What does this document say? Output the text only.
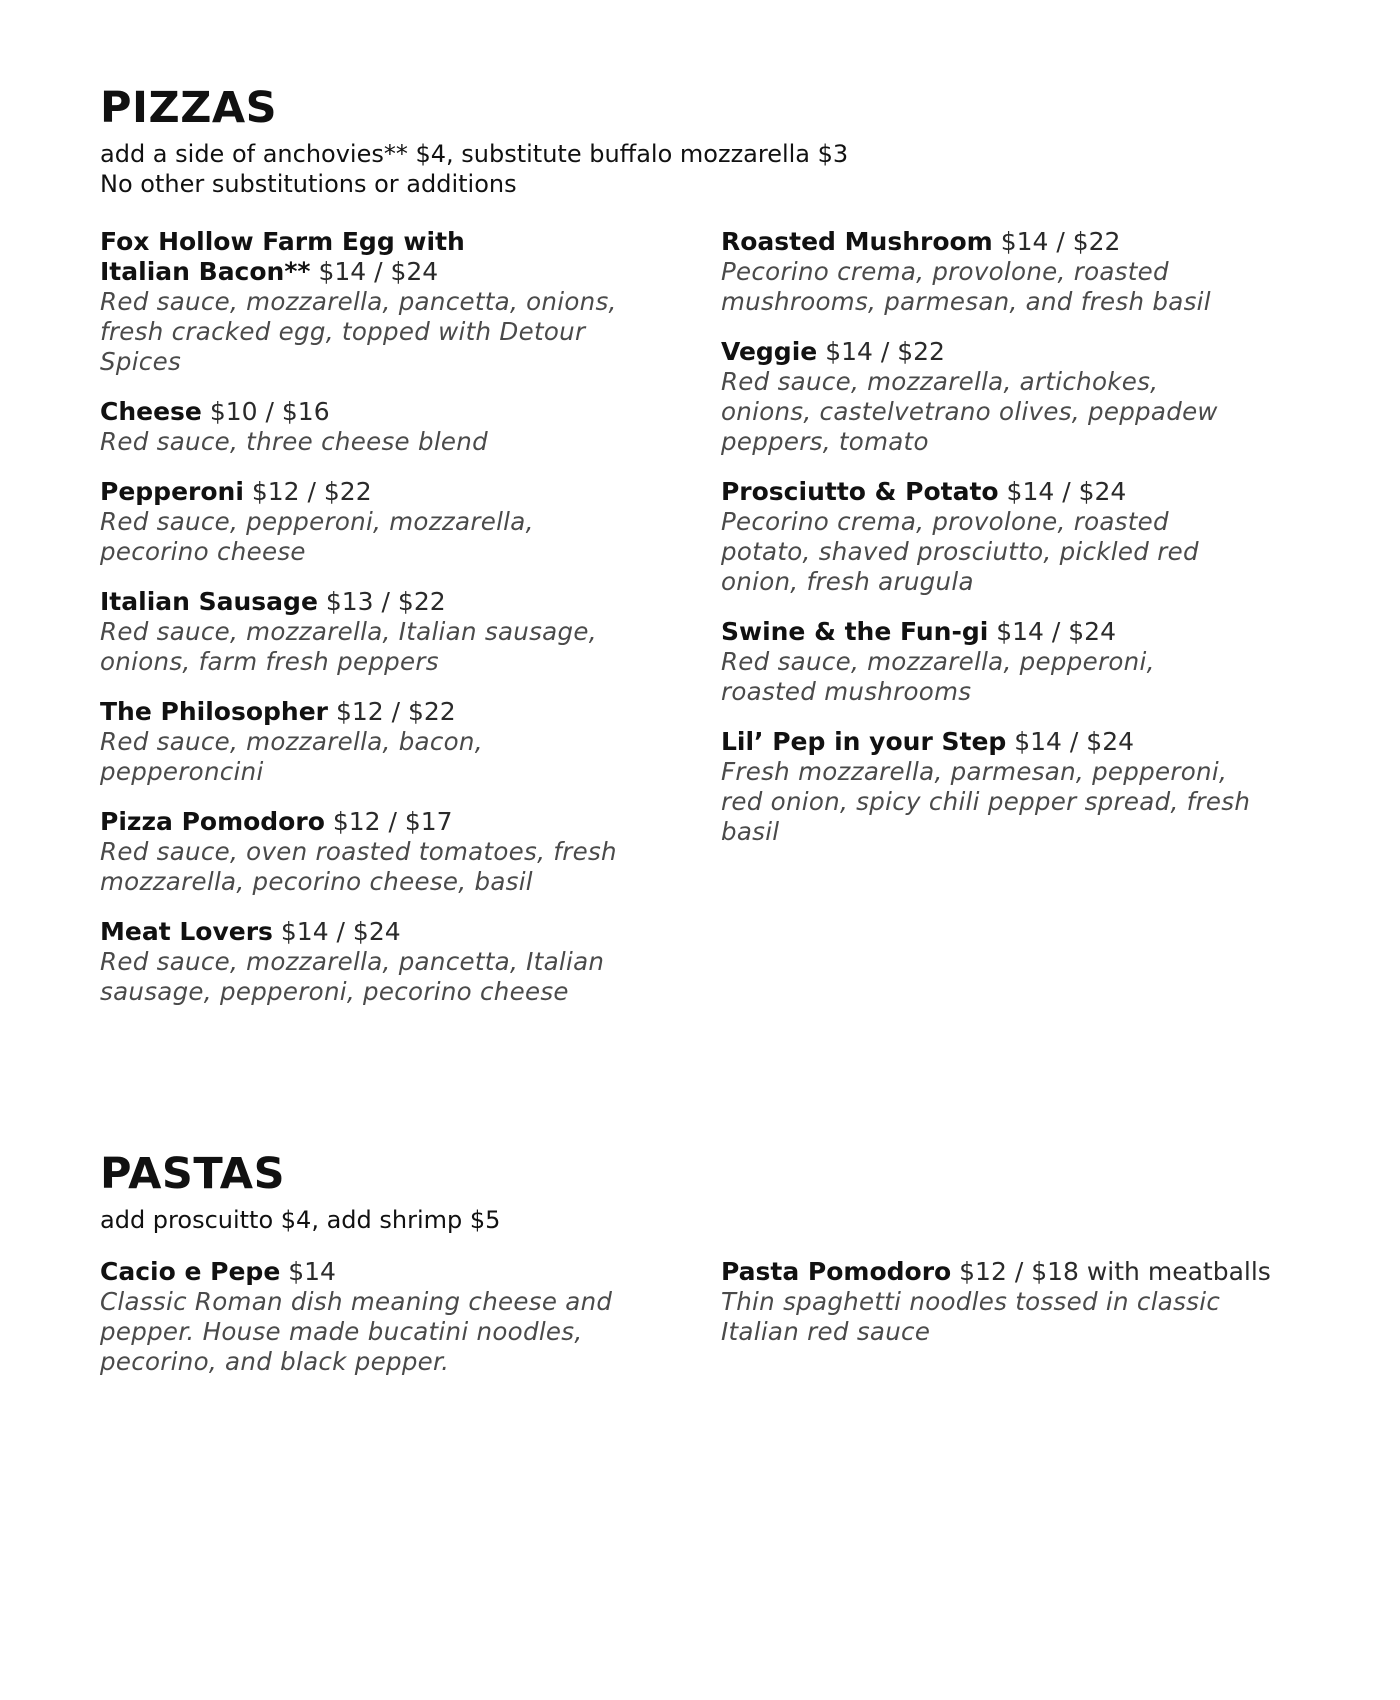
PIZZAS
add a side of anchovies** $4, substitute buffalo mozzarella $3
No other substitutions or additions
Fox Hollow Farm Egg with
Italian Bacon** $14 / $24
Red sauce, mozzarella, pancetta, onions,
fresh cracked egg, topped with Detour
Spices
Cheese $10 / $16
Red sauce, three cheese blend
Pepperoni $12 / $22
Red sauce, pepperoni, mozzarella,
pecorino cheese
Italian Sausage $13 / $22
Red sauce, mozzarella, Italian sausage,
onions, farm fresh peppers
The Philosopher $12 / $22
Red sauce, mozzarella, bacon,
pepperoncini
Pizza Pomodoro $12 / $17
Red sauce, oven roasted tomatoes, fresh
mozzarella, pecorino cheese, basil
Meat Lovers $14 / $24
Red sauce, mozzarella, pancetta, Italian
sausage, pepperoni, pecorino cheese
Roasted Mushroom $14 / $22
Pecorino crema, provolone, roasted
mushrooms, parmesan, and fresh basil
Veggie $14 / $22
Red sauce, mozzarella, artichokes,
onions, castelvetrano olives, peppadew
peppers, tomato
Prosciutto & Potato $14 / $24
Pecorino crema, provolone, roasted
potato, shaved prosciutto, pickled red
onion, fresh arugula
Swine & the Fun-gi $14 / $24
Red sauce, mozzarella, pepperoni,
roasted mushrooms
Lil’ Pep in your Step $14 / $24
Fresh mozzarella, parmesan, pepperoni,
red onion, spicy chili pepper spread, fresh
basil
PASTAS
add proscuitto $4, add shrimp $5
Cacio e Pepe $14
Classic Roman dish meaning cheese and
pepper. House made bucatini noodles,
pecorino, and black pepper.
Pasta Pomodoro $12 / $18 with meatballs
Thin spaghetti noodles tossed in classic
Italian red sauce
